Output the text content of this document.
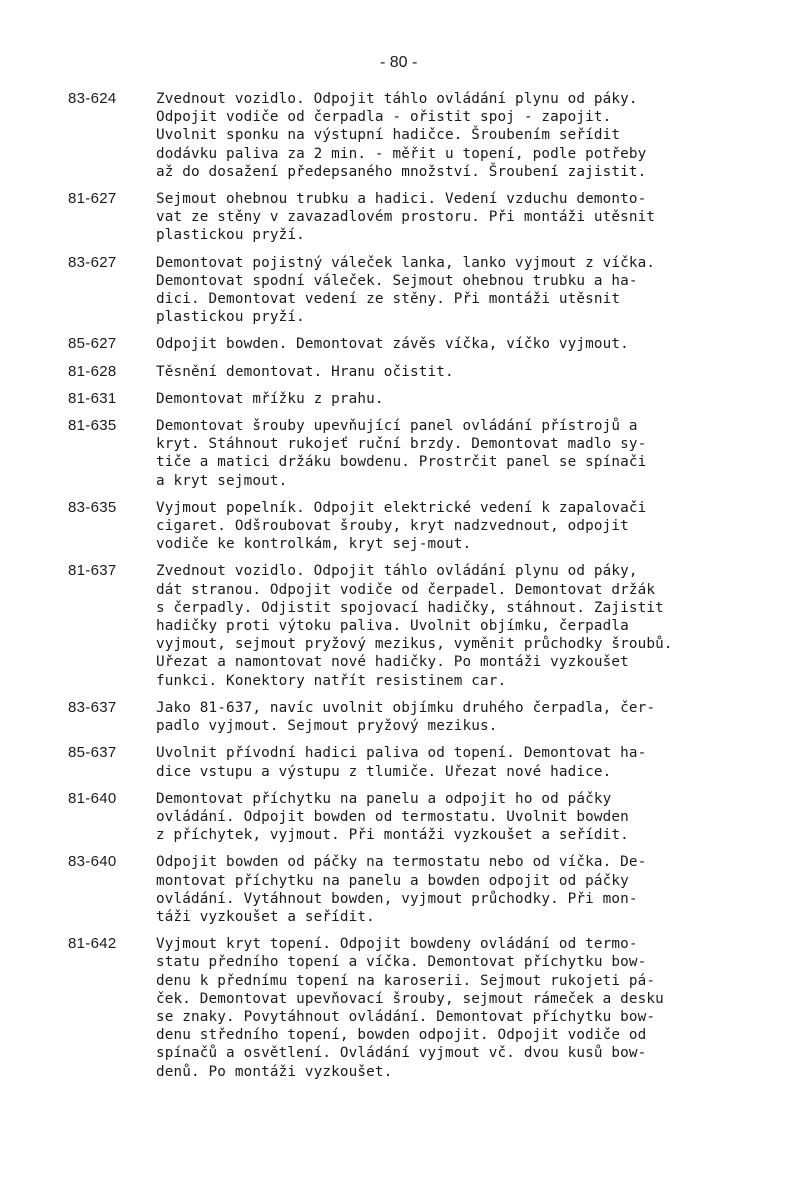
- 80 -
83-624	Zvednout vozidlo. Odpojit táhlo ovládání plynu od páky.
Odpojit vodiče od čerpadla - ořistit spoj - zapojit.
Uvolnit sponku na výstupní hadičce. Šroubením seřídit
dodávku paliva za 2 min. - měřit u topení, podle potřeby
až do dosažení předepsaného množství. Šroubení zajistit.
81-627	Sejmout ohebnou trubku a hadici. Vedení vzduchu demonto-
vat ze stěny v zavazadlovém prostoru. Při montáži utěsnit
plastickou pryží.
83-627	Demontovat pojistný váleček lanka, lanko vyjmout z víčka.
Demontovat spodní váleček. Sejmout ohebnou trubku a ha-
dici. Demontovat vedení ze stěny. Při montáži utěsnit
plastickou pryží.
85-627	Odpojit bowden. Demontovat závěs víčka, víčko vyjmout.
81-628	Těsnění demontovat. Hranu očistit.
81-631	Demontovat mřížku z prahu.
81-635	Demontovat šrouby upevňující panel ovládání přístrojů a
kryt. Stáhnout rukojeť ruční brzdy. Demontovat madlo sy-
tiče a matici držáku bowdenu. Prostrčit panel se spínači
a kryt sejmout.
83-635	Vyjmout popelník. Odpojit elektrické vedení k zapalovači
cigaret. Odšroubovat šrouby, kryt nadzvednout, odpojit
vodiče ke kontrolkám, kryt sej-mout.
81-637	Zvednout vozidlo. Odpojit táhlo ovládání plynu od páky,
dát stranou. Odpojit vodiče od čerpadel. Demontovat držák
s čerpadly. Odjistit spojovací hadičky, stáhnout. Zajistit
hadičky proti výtoku paliva. Uvolnit objímku, čerpadla
vyjmout, sejmout pryžový mezikus, vyměnit průchodky šroubů.
Uřezat a namontovat nové hadičky. Po montáži vyzkoušet
funkci. Konektory natřít resistinem car.
83-637	Jako 81-637, navíc uvolnit objímku druhého čerpadla, čer-
padlo vyjmout. Sejmout pryžový mezikus.
85-637	Uvolnit přívodní hadici paliva od topení. Demontovat ha-
dice vstupu a výstupu z tlumiče. Uřezat nové hadice.
81-640	Demontovat příchytku na panelu a odpojit ho od páčky
ovládání. Odpojit bowden od termostatu. Uvolnit bowden
z příchytek, vyjmout. Při montáži vyzkoušet a seřídit.
83-640	Odpojit bowden od páčky na termostatu nebo od víčka. De-
montovat příchytku na panelu a bowden odpojit od páčky
ovládání. Vytáhnout bowden, vyjmout průchodky. Při mon-
táži vyzkoušet a seřídit.
81-642	Vyjmout kryt topení. Odpojit bowdeny ovládání od termo-
statu předního topení a víčka. Demontovat příchytku bow-
denu k přednímu topení na karoserii. Sejmout rukojeti pá-
ček. Demontovat upevňovací šrouby, sejmout rámeček a desku
se znaky. Povytáhnout ovládání. Demontovat příchytku bow-
denu středního topení, bowden odpojit. Odpojit vodiče od
spínačů a osvětlení. Ovládání vyjmout vč. dvou kusů bow-
denů. Po montáži vyzkoušet.
